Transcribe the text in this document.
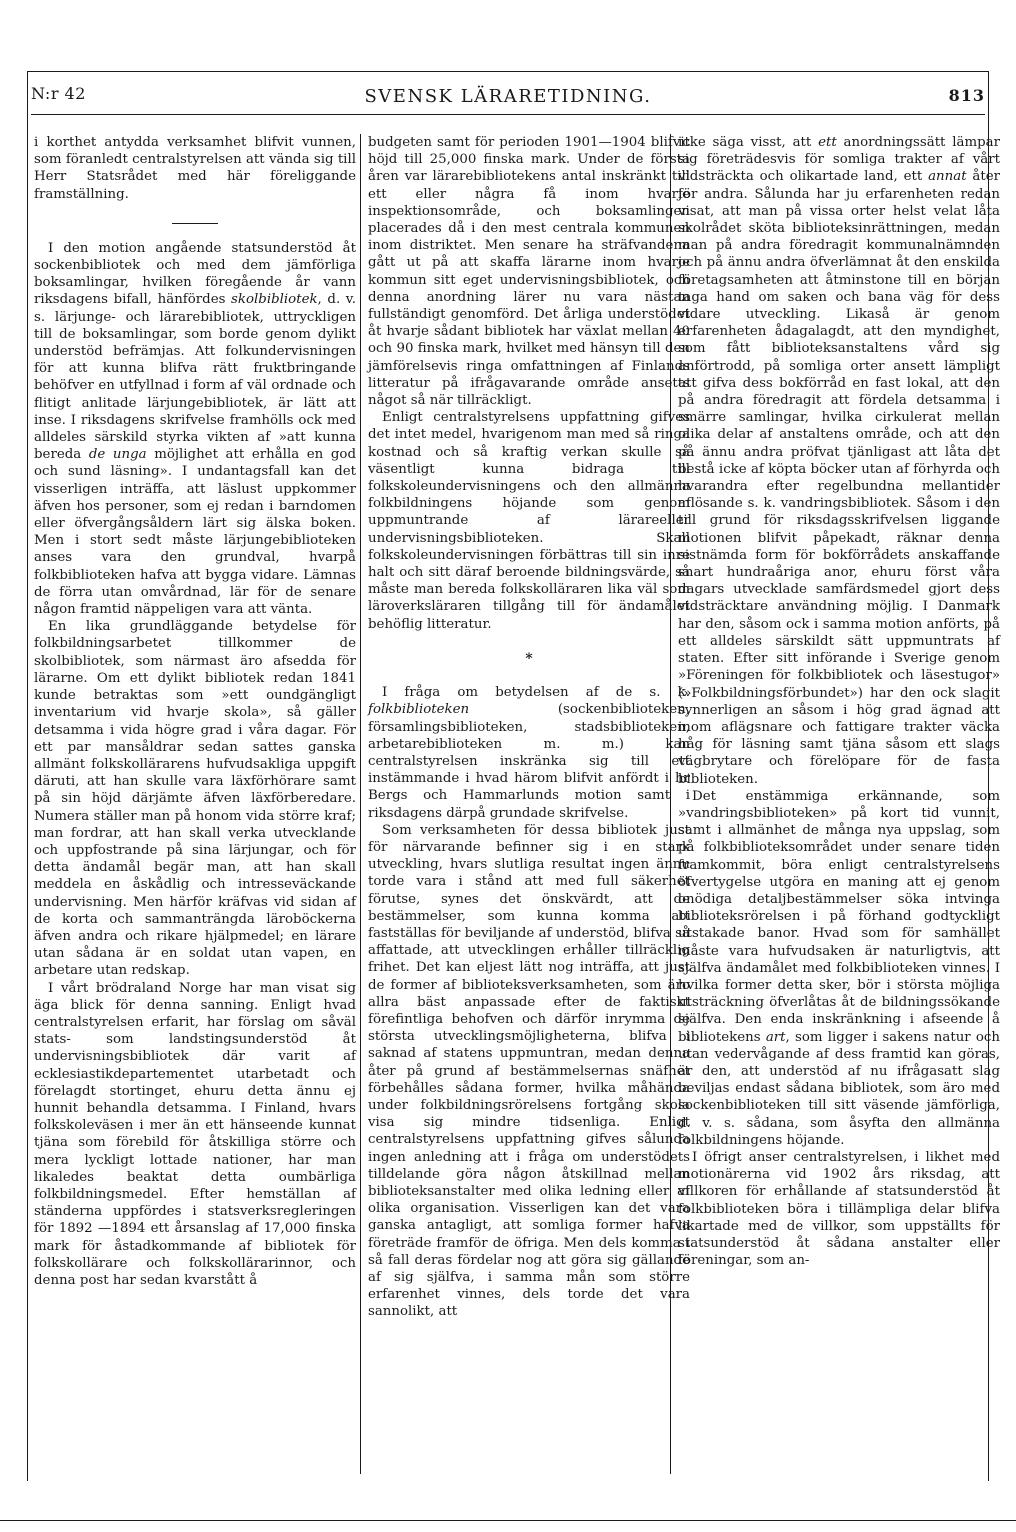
N:r 42	SVENSK LÄRARETIDNING.	813

i korthet antydda verksamhet blifvit vunnen, som föranledt centralstyrelsen att vända sig till Herr Statsrådet med här föreliggande framställning.

I den motion angående statsunderstöd åt sockenbibliotek och med dem jämförliga boksamlingar, hvilken föregående år vann riksdagens bifall, hänfördes skolbibliotek, d. v. s. lärjunge- och lärarebibliotek, uttryckligen till de boksamlingar, som borde genom dylikt understöd befrämjas. Att folkundervisningen för att kunna blifva rätt fruktbringande behöfver en utfyllnad i form af väl ordnade och flitigt anlitade lärjungebibliotek, är lätt att inse. I riksdagens skrifvelse framhölls ock med alldeles särskild styrka vikten af »att kunna bereda de unga möjlighet att erhålla en god och sund läsning». I undantagsfall kan det visserligen inträffa, att läslust uppkommer äfven hos personer, som ej redan i barndomen eller öfvergångsåldern lärt sig älska boken. Men i stort sedt måste lärjungebiblioteken anses vara den grundval, hvarpå folkbiblioteken hafva att bygga vidare. Lämnas de förra utan omvårdnad, lär för de senare någon framtid näppeligen vara att vänta.

En lika grundläggande betydelse för folkbildningsarbetet tillkommer de skolbibliotek, som närmast äro afsedda för lärarne. Om ett dylikt bibliotek redan 1841 kunde betraktas som »ett oundgängligt inventarium vid hvarje skola», så gäller detsamma i vida högre grad i våra dagar. För ett par mansåldrar sedan sattes ganska allmänt folkskollärarens hufvudsakliga uppgift däruti, att han skulle vara läxförhörare samt på sin höjd därjämte äfven läxförberedare. Numera ställer man på honom vida större kraf; man fordrar, att han skall verka utvecklande och uppfostrande på sina lärjungar, och för detta ändamål begär man, att han skall meddela en åskådlig och intresseväckande undervisning. Men härför kräfvas vid sidan af de korta och sammanträngda läroböckerna äfven andra och rikare hjälpmedel; en lärare utan sådana är en soldat utan vapen, en arbetare utan redskap.

I vårt brödraland Norge har man visat sig äga blick för denna sanning. Enligt hvad centralstyrelsen erfarit, har förslag om såväl stats- som landstingsunderstöd åt undervisningsbibliotek där varit af ecklesiastikdepartementet utarbetadt och förelagdt stortinget, ehuru detta ännu ej hunnit behandla detsamma. I Finland, hvars folkskoleväsen i mer än ett hänseende kunnat tjäna som förebild för åtskilliga större och mera lyckligt lottade nationer, har man likaledes beaktat detta oumbärliga folkbildningsmedel. Efter hemställan af ständerna uppfördes i statsverksregleringen för 1892 —1894 ett årsanslag af 17,000 finska mark för åstadkommande af bibliotek för folkskollärare och folkskollärarinnor, och denna post har sedan kvarstått å

budgeten samt för perioden 1901—1904 blifvit höjd till 25,000 finska mark. Under de första åren var lärarebibliotekens antal inskränkt till ett eller några få inom hvarje inspektionsområde, och boksamlingen placerades då i den mest centrala kommunen inom distriktet. Men senare ha sträfvandena gått ut på att skaffa lärarne inom hvarje kommun sitt eget undervisningsbibliotek, och denna anordning lärer nu vara nästan fullständigt genomförd. Det årliga understödet åt hvarje sådant bibliotek har växlat mellan 40 och 90 finska mark, hvilket med hänsyn till den jämförelsevis ringa omfattningen af Finlands litteratur på ifrågavarande område ansetts något så när tillräckligt.

Enligt centralstyrelsens uppfattning gifves det intet medel, hvarigenom man med så ringa kostnad och så kraftig verkan skulle så väsentligt kunna bidraga till folkskoleundervisningens och den allmänna folkbildningens höjande som genom uppmuntrande af lärareeller undervisningsbiblioteken. Skall folkskoleundervisningen förbättras till sin inre halt och sitt däraf beroende bildningsvärde, så måste man bereda folkskolläraren lika väl som läroverksläraren tillgång till för ändamålet behöflig litteratur.

*

I fråga om betydelsen af de s. k. folkbiblioteken (sockenbiblioteken, församlingsbiblioteken, stadsbiblioteken, arbetarebiblioteken m. m.) kan centralstyrelsen inskränka sig till ett instämmande i hvad härom blifvit anfördt i hr Bergs och Hammarlunds motion samt i riksdagens därpå grundade skrifvelse.

Som verksamheten för dessa bibliotek just för närvarande befinner sig i en stark utveckling, hvars slutliga resultat ingen ännu torde vara i stånd att med full säkerhet förutse, synes det önskvärdt, att de bestämmelser, som kunna komma att fastställas för beviljande af understöd, blifva så affattade, att utvecklingen erhåller tillräcklig frihet. Det kan eljest lätt nog inträffa, att just de former af biblioteksverksamheten, som äro allra bäst anpassade efter de faktiskt förefintliga behofven och därför inrymma de största utvecklingsmöjligheterna, blifva i saknad af statens uppmuntran, medan denna åter på grund af bestämmelsernas snäfhet förbehålles sådana former, hvilka måhända under folkbildningsrörelsens fortgång skola visa sig mindre tidsenliga. Enligt centralstyrelsens uppfattning gifves sålunda ingen anledning att i fråga om understödets tilldelande göra någon åtskillnad mellan biblioteksanstalter med olika ledning eller af olika organisation. Visserligen kan det vara ganska antagligt, att somliga former hafva företräde framför de öfriga. Men dels komma i så fall deras fördelar nog att göra sig gällande af sig själfva, i samma mån som större erfarenhet vinnes, dels torde det vara sannolikt, att

icke säga visst, att ett anordningssätt lämpar sig företrädesvis för somliga trakter af vårt vidsträckta och olikartade land, ett annat åter för andra. Sålunda har ju erfarenheten redan visat, att man på vissa orter helst velat låta skolrådet sköta biblioteksinrättningen, medan man på andra föredragit kommunalnämnden och på ännu andra öfverlämnat åt den enskilda företagsamheten att åtminstone till en början taga hand om saken och bana väg för dess vidare utveckling. Likaså är genom erfarenheten ådagalagdt, att den myndighet, som fått biblioteksanstaltens vård sig anförtrodd, på somliga orter ansett lämpligt att gifva dess bokförråd en fast lokal, att den på andra föredragit att fördela detsamma i smärre samlingar, hvilka cirkulerat mellan olika delar af anstaltens område, och att den på ännu andra pröfvat tjänligast att låta det bestå icke af köpta böcker utan af förhyrda och hvarandra efter regelbundna mellantider aflösande s. k. vandringsbibliotek. Såsom i den till grund för riksdagsskrifvelsen liggande motionen blifvit påpekadt, räknar denna sistnämda form för bokförrådets anskaffande snart hundraåriga anor, ehuru först våra dagars utvecklade samfärdsmedel gjort dess vidsträcktare användning möjlig. I Danmark har den, såsom ock i samma motion anförts, på ett alldeles särskildt sätt uppmuntrats af staten. Efter sitt införande i Sverige genom »Föreningen för folkbibliotek och läsestugor» (»Folkbildningsförbundet») har den ock slagit synnerligen an såsom i hög grad ägnad att inom aflägsnare och fattigare trakter väcka håg för läsning samt tjäna såsom ett slags vägbrytare och förelöpare för de fasta biblioteken.

Det enstämmiga erkännande, som »vandringsbiblioteken» på kort tid vunnit, samt i allmänhet de många nya uppslag, som på folkbiblioteksområdet under senare tiden framkommit, böra enligt centralstyrelsens öfvertygelse utgöra en maning att ej genom onödiga detaljbestämmelser söka intvinga biblioteksrörelsen i på förhand godtyckligt utstakade banor. Hvad som för samhället måste vara hufvudsaken är naturligtvis, att själfva ändamålet med folkbiblioteken vinnes. I hvilka former detta sker, bör i största möjliga utsträckning öfverlåtas åt de bildningssökande själfva. Den enda inskränkning i afseende å bibliotekens art, som ligger i sakens natur och utan vedervågande af dess framtid kan göras, är den, att understöd af nu ifrågasatt slag beviljas endast sådana bibliotek, som äro med sockenbiblioteken till sitt väsende jämförliga, d. v. s. sådana, som åsyfta den allmänna folkbildningens höjande.

I öfrigt anser centralstyrelsen, i likhet med motionärerna vid 1902 års riksdag, att villkoren för erhållande af statsunderstöd åt folkbiblioteken böra i tillämpliga delar blifva likartade med de villkor, som uppställts för statsunderstöd åt sådana anstalter eller föreningar, som an-
